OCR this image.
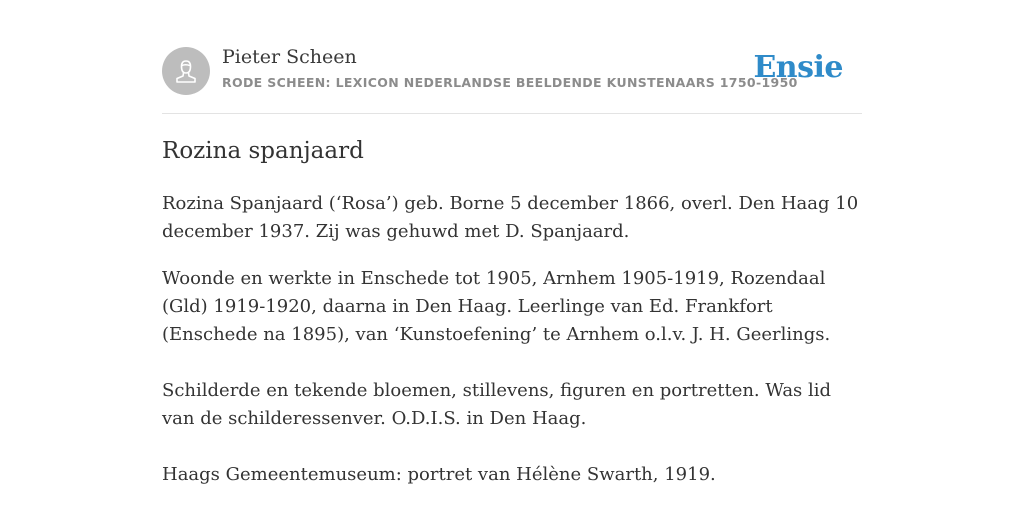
Pieter Scheen
RODE SCHEEN: LEXICON NEDERLANDSE BEELDENDE KUNSTENAARS 1750-1950
Ensie
Rozina spanjaard

Rozina Spanjaard (‘Rosa’) geb. Borne 5 december 1866, overl. Den Haag 10 december 1937. Zij was gehuwd met D. Spanjaard.

Woonde en werkte in Enschede tot 1905, Arnhem 1905-1919, Rozendaal (Gld) 1919-1920, daarna in Den Haag. Leerlinge van Ed. Frankfort (Enschede na 1895), van ‘Kunstoefening’ te Arnhem o.l.v. J. H. Geerlings.

Schilderde en tekende bloemen, stillevens, figuren en portretten. Was lid van de schilderessenver. O.D.I.S. in Den Haag.

Haags Gemeentemuseum: portret van Hélène Swarth, 1919.
